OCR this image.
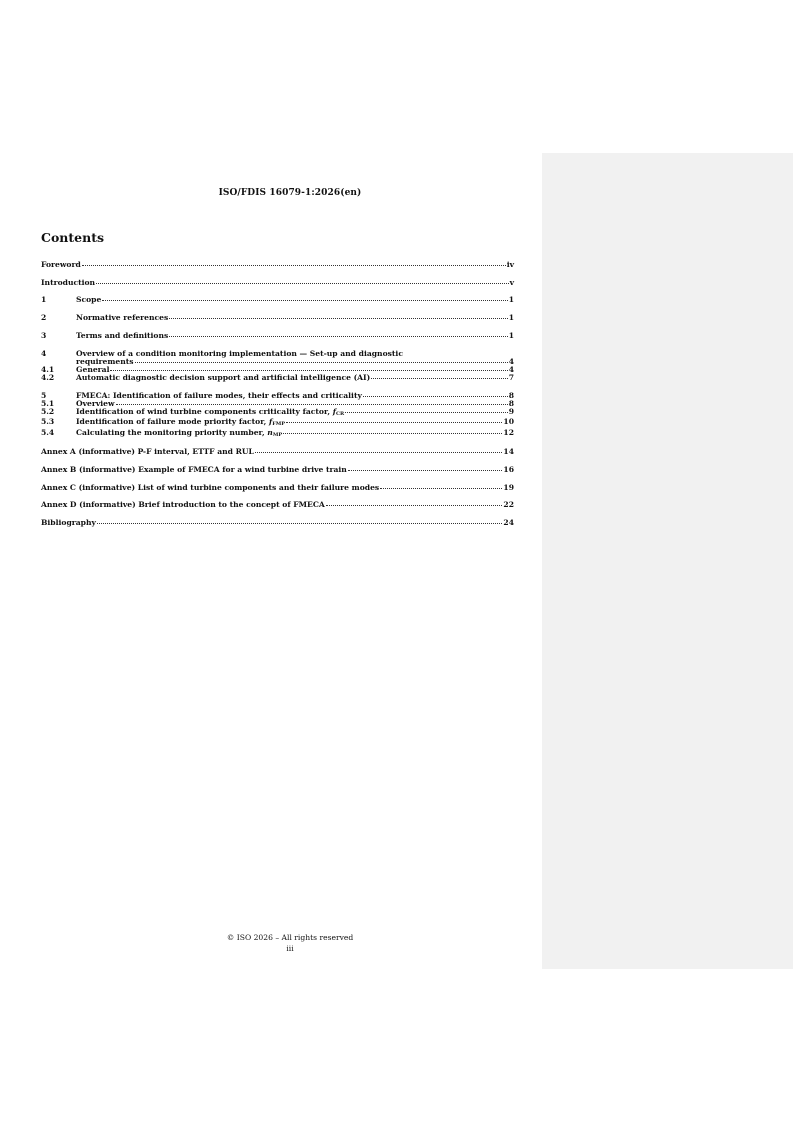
ISO/FDIS 16079-1:2026(en)
Contents
Foreword	iv
Introduction	v
1	Scope	1
2	Normative references	1
3	Terms and definitions	1
4	Overview of a condition monitoring implementation — Set-up and diagnostic
requirements	4
4.1	General	4
4.2	Automatic diagnostic decision support and artificial intelligence (AI)	7
5	FMECA: Identification of failure modes, their effects and criticality	8
5.1	Overview	8
5.2	Identification of wind turbine components criticality factor, $f_{CR}$	9
5.3	Identification of failure mode priority factor, $f_{FMP}$	10
5.4	Calculating the monitoring priority number, $n_{MP}$	12
Annex A (informative) P-F interval, ETTF and RUL	14
Annex B (informative) Example of FMECA for a wind turbine drive train	16
Annex C (informative) List of wind turbine components and their failure modes	19
Annex D (informative) Brief introduction to the concept of FMECA	22
Bibliography	24
© ISO 2026 – All rights reserved
iii
